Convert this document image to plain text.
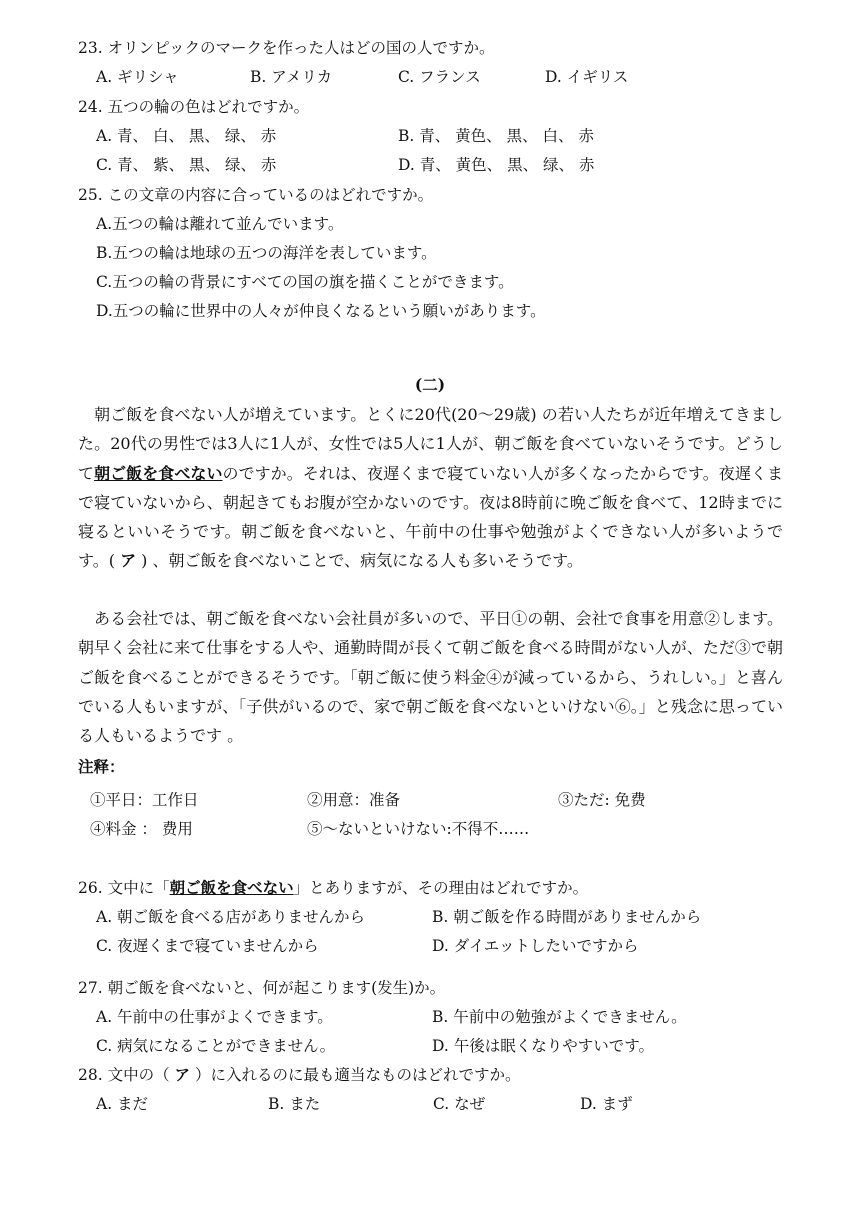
23. オリンピックのマークを作った人はどの国の人ですか。
A. ギリシャ	B. アメリカ	C. フランス	D. イギリス
24. 五つの輪の色はどれですか。
A. 青、 白、 黒、 绿、 赤	B. 青、 黄色、 黒、 白、 赤
C. 青、 紫、 黒、 绿、 赤	D. 青、 黄色、 黒、 绿、 赤
25. この文章の内容に合っているのはどれですか。
A.五つの輪は離れて並んでいます。
B.五つの輪は地球の五つの海洋を表しています。
C.五つの輪の背景にすべての国の旗を描くことができます。
D.五つの輪に世界中の人々が仲良くなるという願いがあります。
(二)
朝ご飯を食べない人が増えています。とくに20代(20～29歳) の若い人たちが近年増えてきました。20代の男性では3人に1人が、女性では5人に1人が、朝ご飯を食べていないそうです。どうして朝ご飯を食べないのですか。それは、夜遅くまで寝ていない人が多くなったからです。夜遅くまで寝ていないから、朝起きてもお腹が空かないのです。夜は8時前に晩ご飯を食べて、12時までに寝るといいそうです。朝ご飯を食べないと、午前中の仕事や勉強がよくできない人が多いようです。( ア ) 、朝ご飯を食べないことで、病気になる人も多いそうです。
ある会社では、朝ご飯を食べない会社員が多いので、平日①の朝、会社で食事を用意②します。朝早く会社に来て仕事をする人や、通勤時間が長くて朝ご飯を食べる時間がない人が、ただ③で朝ご飯を食べることができるそうです。「朝ご飯に使う料金④が減っているから、うれしい。」と喜んでいる人もいますが、「子供がいるので、家で朝ご飯を食べないといけない⑥。」と残念に思っている人もいるようです 。
注释：
①平日：工作日	②用意：准备	③ただ: 免费
④料金 ： 费用	⑤～ないといけない:不得不……
26. 文中に「朝ご飯を食べない」とありますが、その理由はどれですか。
A. 朝ご飯を食べる店がありませんから	B. 朝ご飯を作る時間がありませんから
C. 夜遅くまで寝ていませんから	D. ダイエットしたいですから
27. 朝ご飯を食べないと、何が起こります(发生)か。
A. 午前中の仕事がよくできます。	B. 午前中の勉強がよくできません。
C. 病気になることができません。	D. 午後は眠くなりやすいです。
28. 文中の（ ア ）に入れるのに最も適当なものはどれですか。
A. まだ	B. また	C. なぜ	D. まず
